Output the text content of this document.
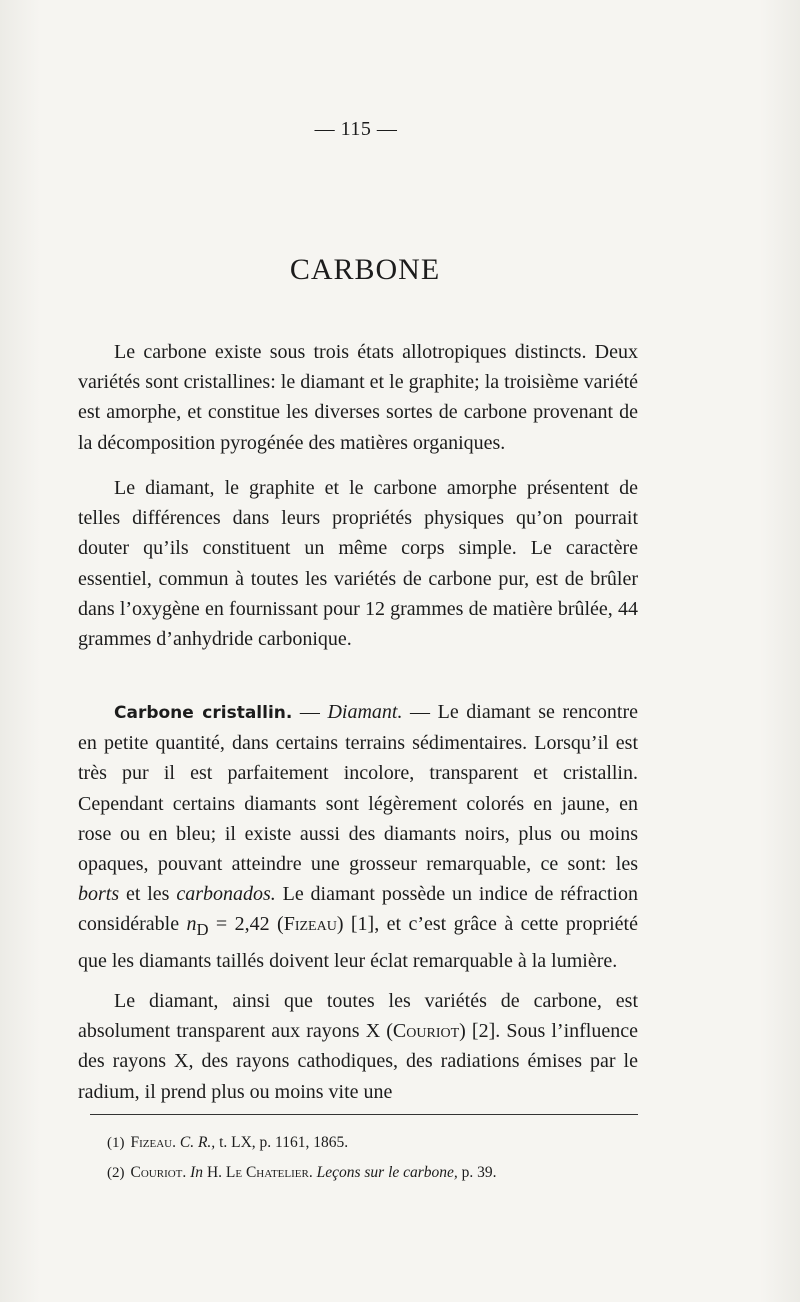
— 115 —
CARBONE

Le carbone existe sous trois états allotropiques distincts. Deux variétés sont cristallines: le diamant et le graphite; la troisième variété est amorphe, et constitue les diverses sortes de carbone provenant de la décomposition pyrogénée des matières organiques.

Le diamant, le graphite et le carbone amorphe présentent de telles différences dans leurs propriétés physiques qu’on pourrait douter qu’ils constituent un même corps simple. Le caractère essentiel, commun à toutes les variétés de carbone pur, est de brûler dans l’oxygène en fournissant pour 12 grammes de matière brûlée, 44 grammes d’anhydride carbonique.

Carbone cristallin. — Diamant. — Le diamant se rencontre en petite quantité, dans certains terrains sédimentaires. Lorsqu’il est très pur il est parfaitement incolore, transparent et cristallin. Cependant certains diamants sont légèrement colorés en jaune, en rose ou en bleu; il existe aussi des diamants noirs, plus ou moins opaques, pouvant atteindre une grosseur remarquable, ce sont: les borts et les carbonados. Le diamant possède un indice de réfraction considérable $n_D = 2,42$ (Fizeau) [1], et c’est grâce à cette propriété que les diamants taillés doivent leur éclat remarquable à la lumière.

Le diamant, ainsi que toutes les variétés de carbone, est absolument transparent aux rayons X (Couriot) [2]. Sous l’influence des rayons X, des rayons cathodiques, des radiations émises par le radium, il prend plus ou moins vite une

(1) Fizeau. C. R., t. LX, p. 1161, 1865.
(2) Couriot. In H. Le Chatelier. Leçons sur le carbone, p. 39.
